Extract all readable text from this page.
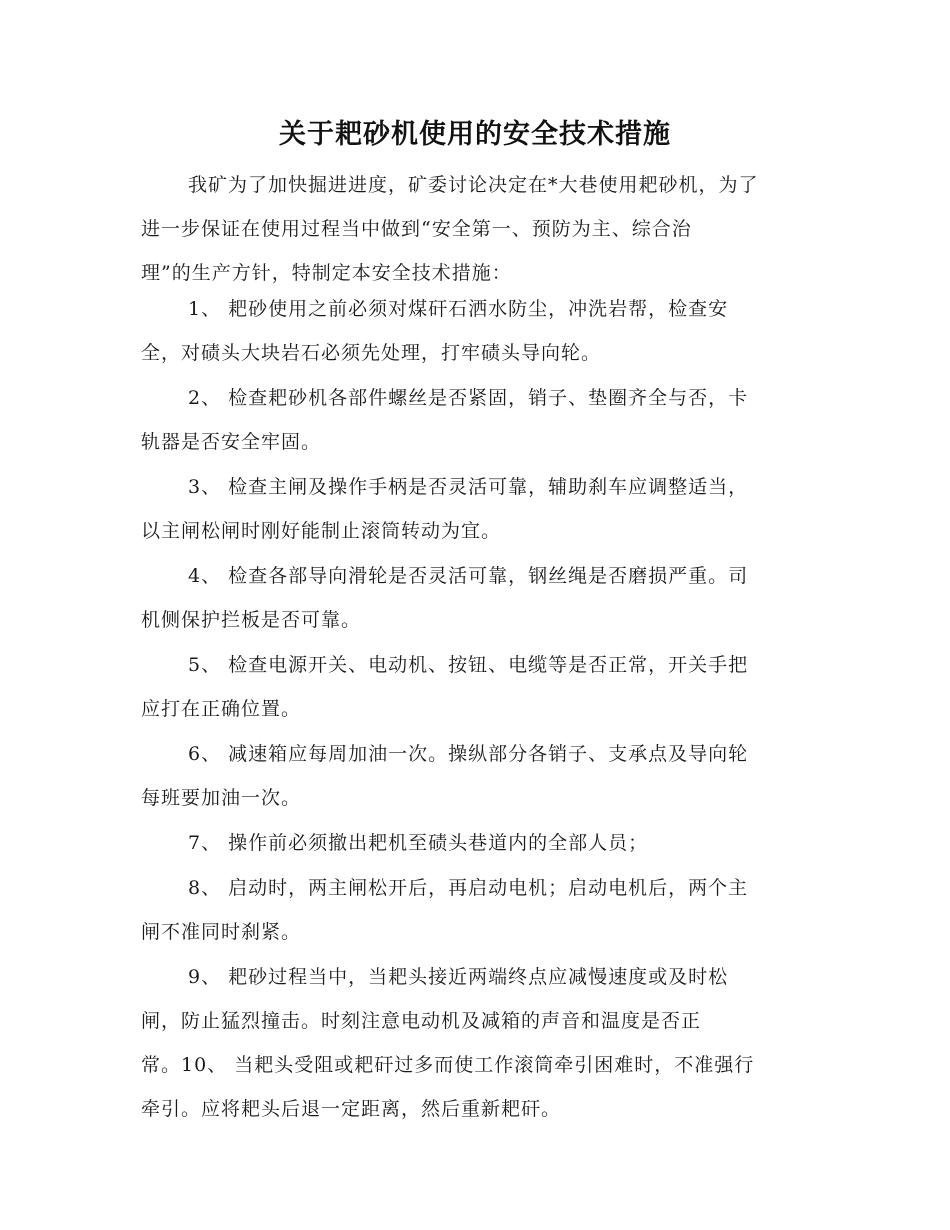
关于耙砂机使用的安全技术措施
我矿为了加快掘进进度，矿委讨论决定在*大巷使用耙砂机，为了
进一步保证在使用过程当中做到“安全第一、预防为主、综合治
理”的生产方针，特制定本安全技术措施：
1、 耙砂使用之前必须对煤矸石洒水防尘，冲洗岩帮，检查安
全，对碛头大块岩石必须先处理，打牢碛头导向轮。
2、 检查耙砂机各部件螺丝是否紧固，销子、垫圈齐全与否，卡
轨器是否安全牢固。
3、 检查主闸及操作手柄是否灵活可靠，辅助刹车应调整适当，
以主闸松闸时刚好能制止滚筒转动为宜。
4、 检查各部导向滑轮是否灵活可靠，钢丝绳是否磨损严重。司
机侧保护拦板是否可靠。
5、 检查电源开关、电动机、按钮、电缆等是否正常，开关手把
应打在正确位置。
6、 减速箱应每周加油一次。操纵部分各销子、支承点及导向轮
每班要加油一次。
7、 操作前必须撤出耙机至碛头巷道内的全部人员；
8、 启动时，两主闸松开后，再启动电机；启动电机后，两个主
闸不准同时刹紧。
9、 耙砂过程当中，当耙头接近两端终点应减慢速度或及时松
闸，防止猛烈撞击。时刻注意电动机及减箱的声音和温度是否正
常。10、 当耙头受阻或耙矸过多而使工作滚筒牵引困难时，不准强行
牵引。应将耙头后退一定距离，然后重新耙矸。
